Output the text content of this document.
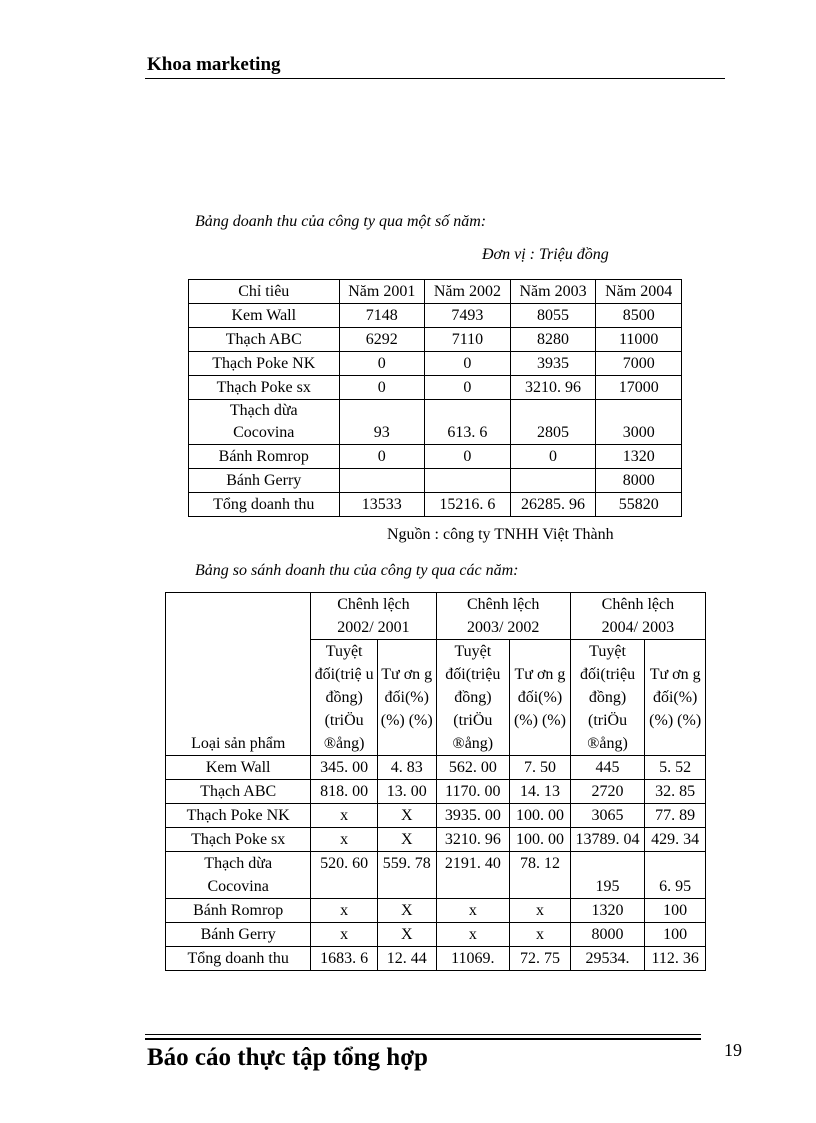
Khoa marketing
Bảng doanh thu của công ty qua một số năm:
Đơn vị : Triệu đồng
Chỉ tiêu	Năm 2001	Năm 2002	Năm 2003	Năm 2004
Kem Wall	7148	7493	8055	8500
Thạch ABC	6292	7110	8280	11000
Thạch Poke NK	0	0	3935	7000
Thạch Poke sx	0	0	3210. 96	17000
Thạch dừa Cocovina	93	613. 6	2805	3000
Bánh Romrop	0	0	0	1320
Bánh Gerry				8000
Tổng doanh thu	13533	15216. 6	26285. 96	55820
Nguồn : công ty TNHH Việt Thành
Bảng so sánh doanh thu của công ty qua các năm:
Loại sản phẩm	Chênh lệch 2002/ 2001		Chênh lệch 2003/ 2002		Chênh lệch 2004/ 2003	
	Tuyệt đối(triệ u đồng) (triÖu ®ång)	Tư ơn g đối(%) (%) (%)	Tuyệt đối(triệu đồng) (triÖu ®ång)	Tư ơn g đối(%) (%) (%)	Tuyệt đối(triệu đồng) (triÖu ®ång)	Tư ơn g đối(%) (%) (%)
Kem Wall	345. 00	4. 83	562. 00	7. 50	445	5. 52
Thạch ABC	818. 00	13. 00	1170. 00	14. 13	2720	32. 85
Thạch Poke NK	x	X	3935. 00	100. 00	3065	77. 89
Thạch Poke sx	x	X	3210. 96	100. 00	13789. 04	429. 34
Thạch dừa Cocovina	520. 60	559. 78	2191. 40	78. 12	195	6. 95
Bánh Romrop	x	X	x	x	1320	100
Bánh Gerry	x	X	x	x	8000	100
Tổng doanh thu	1683. 6	12. 44	11069.	72. 75	29534.	112. 36
Báo cáo thực tập tổng hợp	19
